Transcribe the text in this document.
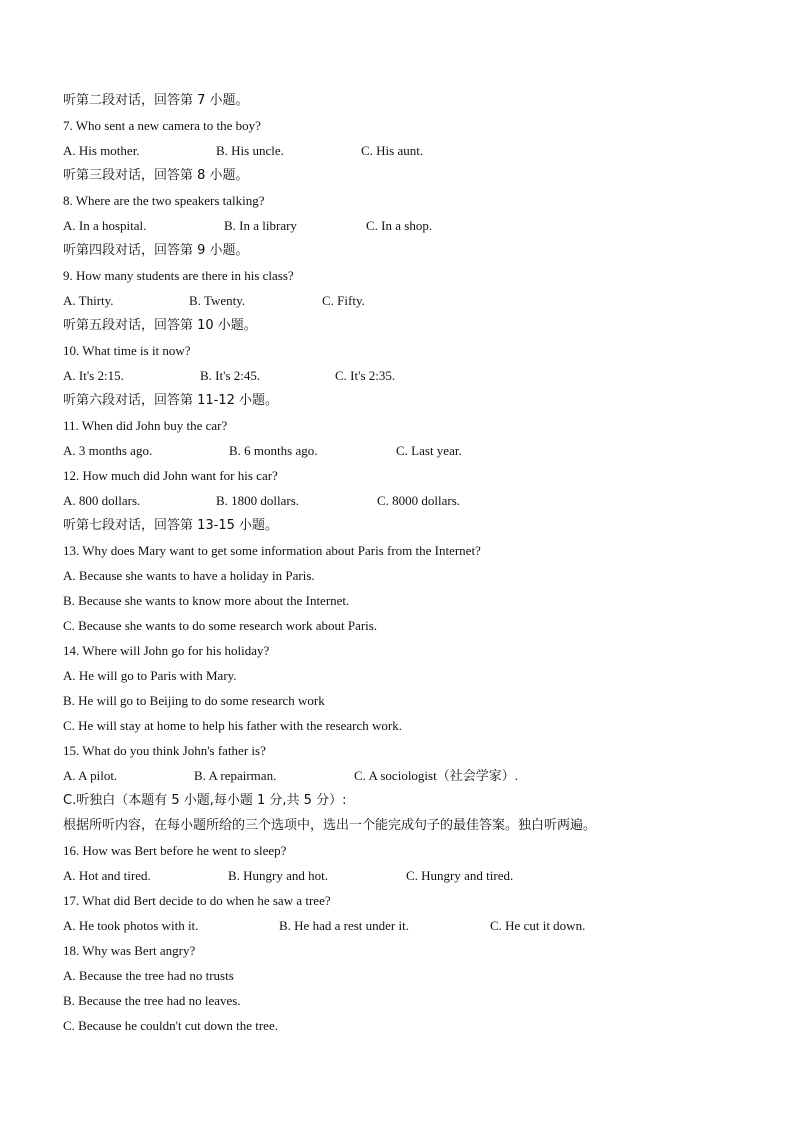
听第二段对话，回答第 7 小题。
7. Who sent a new camera to the boy?
A. His mother.	B. His uncle.	C. His aunt.
听第三段对话，回答第 8 小题。
8. Where are the two speakers talking?
A. In a hospital.	B. In a library	C. In a shop.
听第四段对话，回答第 9 小题。
9. How many students are there in his class?
A. Thirty.	B. Twenty.	C. Fifty.
听第五段对话，回答第 10 小题。
10. What time is it now?
A. It's 2:15.	B. It's 2:45.	C. It's 2:35.
听第六段对话，回答第 11-12 小题。
11. When did John buy the car?
A. 3 months ago.	B. 6 months ago.	C. Last year.
12. How much did John want for his car?
A. 800 dollars.	B. 1800 dollars.	C. 8000 dollars.
听第七段对话，回答第 13-15 小题。
13. Why does Mary want to get some information about Paris from the Internet?
A. Because she wants to have a holiday in Paris.
B. Because she wants to know more about the Internet.
C. Because she wants to do some research work about Paris.
14. Where will John go for his holiday?
A. He will go to Paris with Mary.
B. He will go to Beijing to do some research work
C. He will stay at home to help his father with the research work.
15. What do you think John's father is?
A. A pilot.	B. A repairman.	C. A sociologist（社会学家）.
C.听独白（本题有 5 小题,每小题 1 分,共 5 分）:
根据所听内容，在每小题所给的三个选项中，选出一个能完成句子的最佳答案。独白听两遍。
16. How was Bert before he went to sleep?
A. Hot and tired.	B. Hungry and hot.	C. Hungry and tired.
17. What did Bert decide to do when he saw a tree?
A. He took photos with it.	B. He had a rest under it.	C. He cut it down.
18. Why was Bert angry?
A. Because the tree had no trusts
B. Because the tree had no leaves.
C. Because he couldn't cut down the tree.
